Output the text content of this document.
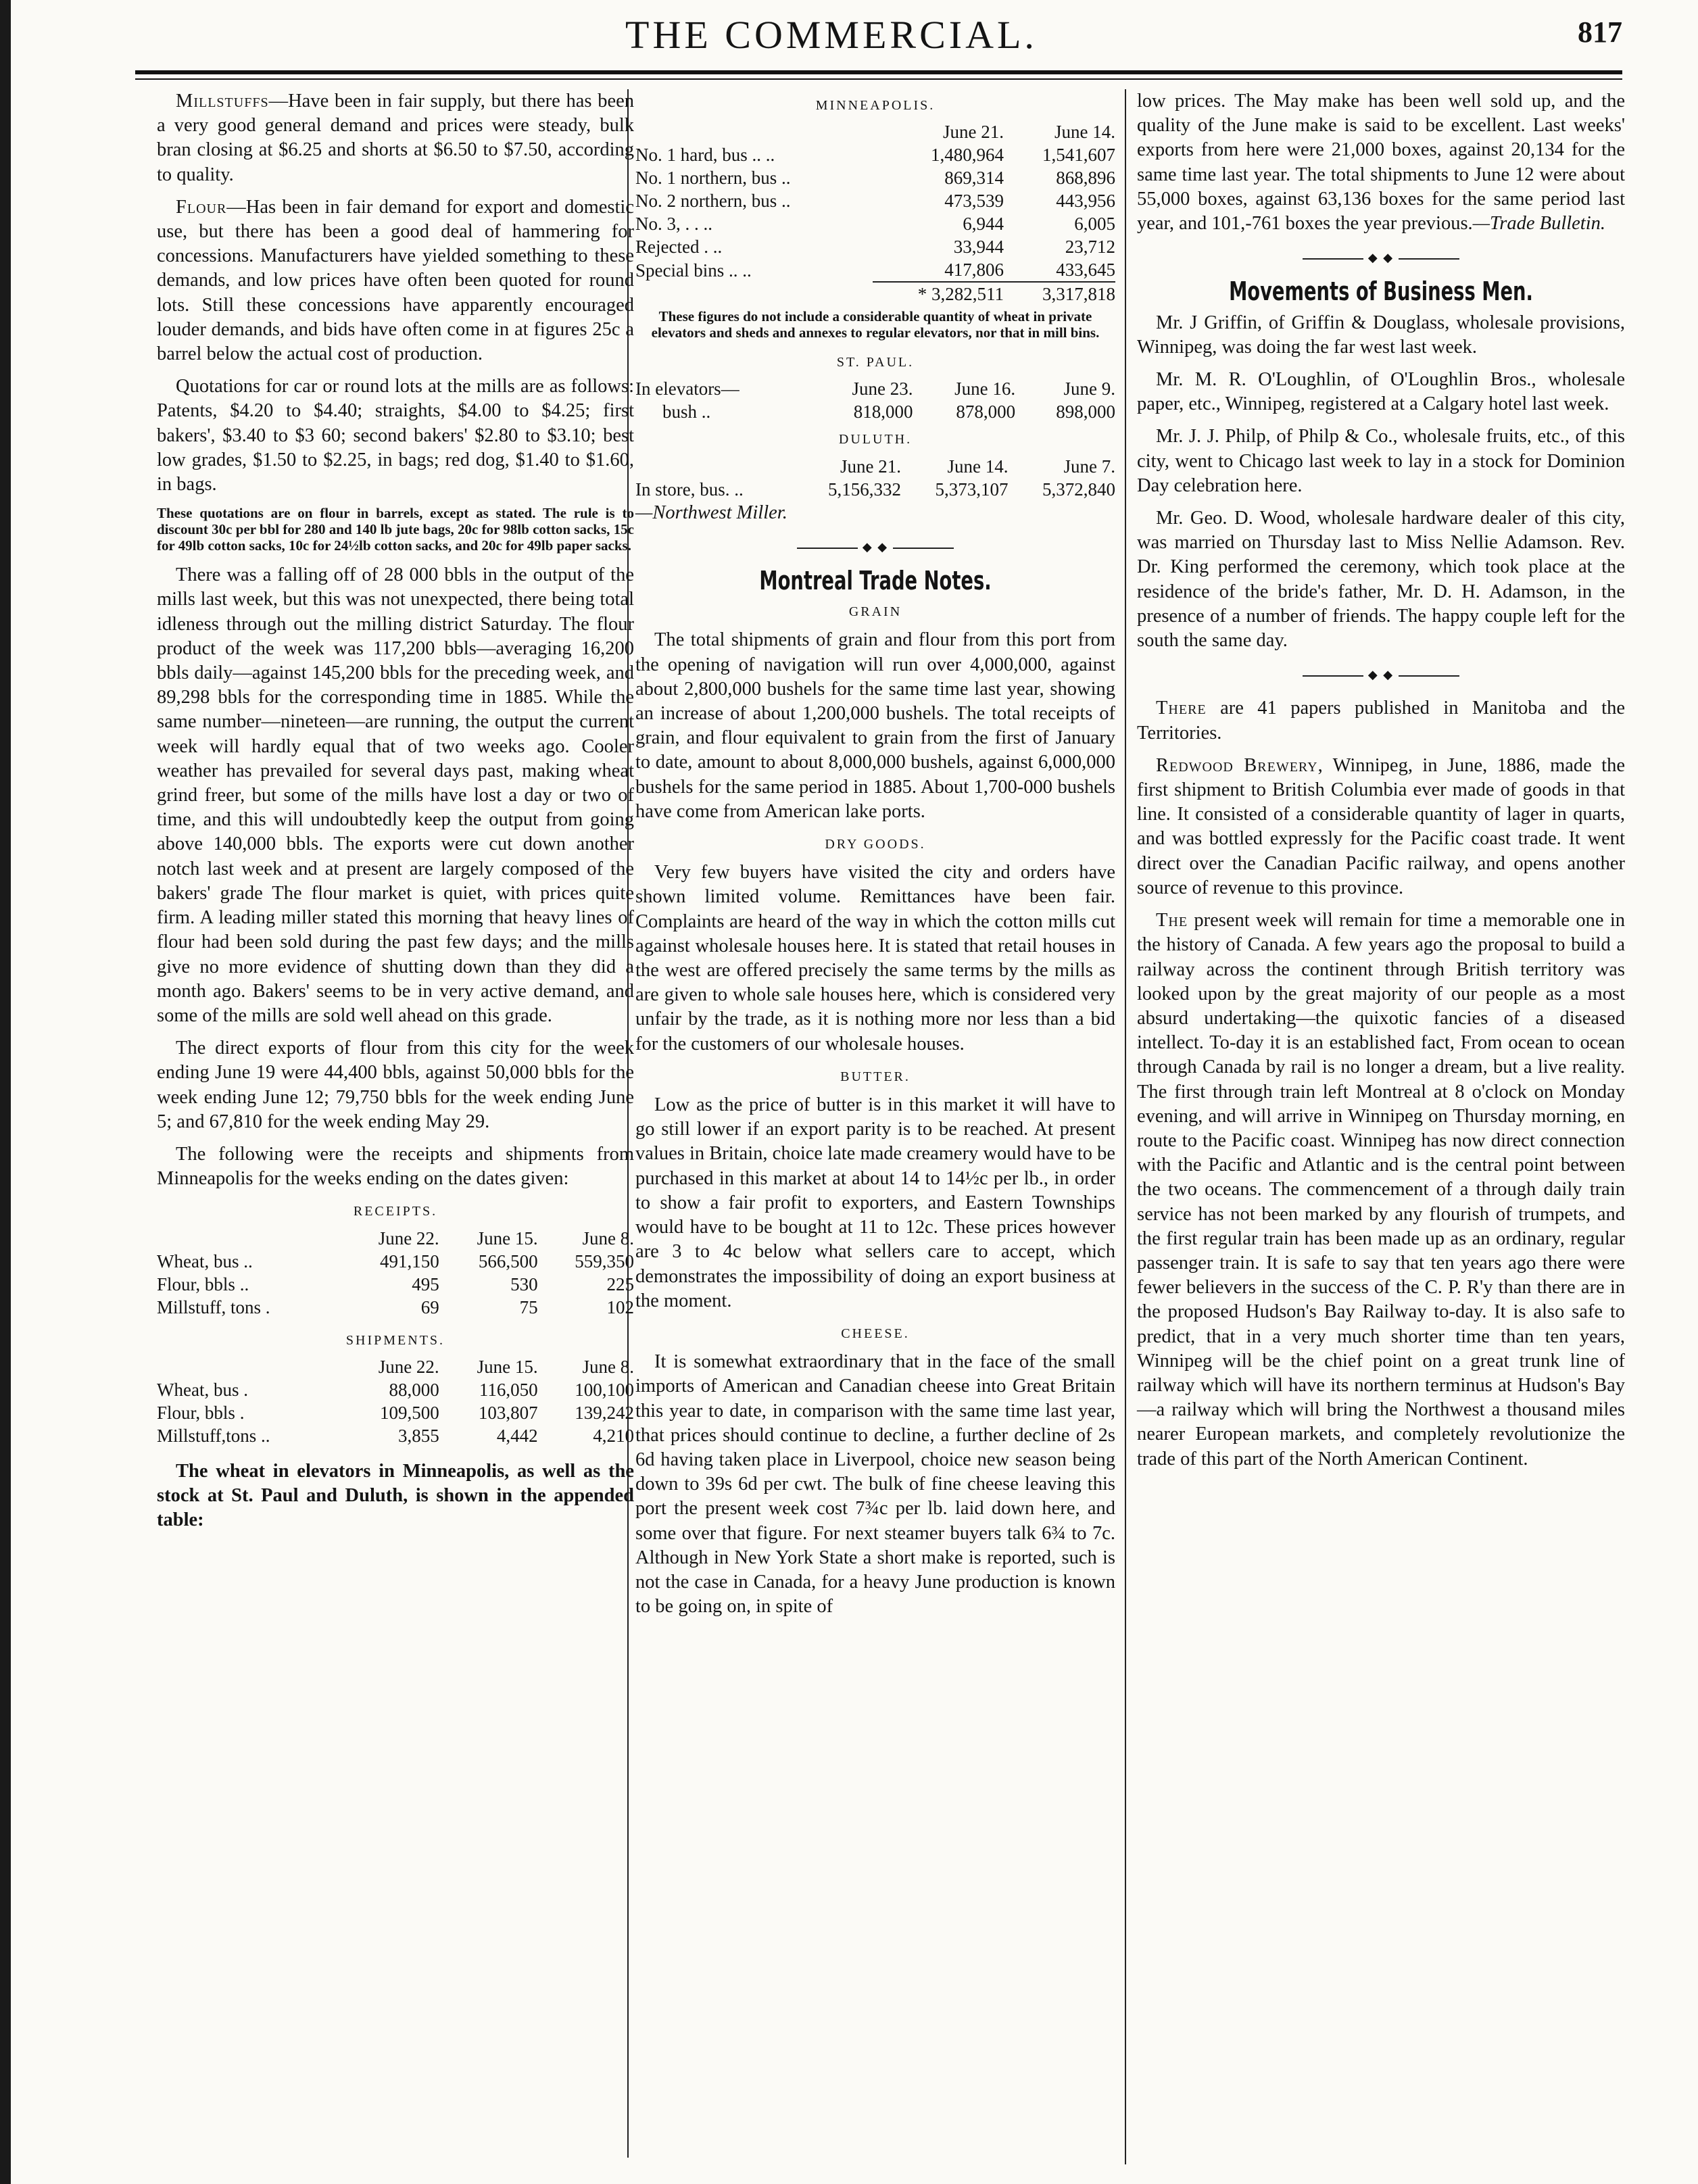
THE COMMERCIAL.	817

Millstuffs—Have been in fair supply, but there has been a very good general demand and prices were steady, bulk bran closing at $6.25 and shorts at $6.50 to $7.50, according to quality.

Flour—Has been in fair demand for export and domestic use, but there has been a good deal of hammering for concessions. Manufacturers have yielded something to these demands, and low prices have often been quoted for round lots. Still these concessions have apparently encouraged louder demands, and bids have often come in at figures 25c a barrel below the actual cost of production.

Quotations for car or round lots at the mills are as follows: Patents, $4.20 to $4.40; straights, $4.00 to $4.25; first bakers', $3.40 to $3 60; second bakers' $2.80 to $3.10; best low grades, $1.50 to $2.25, in bags; red dog, $1.40 to $1.60, in bags.

These quotations are on flour in barrels, except as stated. The rule is to discount 30c per bbl for 280 and 140 lb jute bags, 20c for 98lb cotton sacks, 15c for 49lb cotton sacks, 10c for 24½lb cotton sacks, and 20c for 49lb paper sacks.

There was a falling off of 28 000 bbls in the output of the mills last week, but this was not unexpected, there being total idleness through out the milling district Saturday. The flour product of the week was 117,200 bbls—averaging 16,200 bbls daily—against 145,200 bbls for the preceding week, and 89,298 bbls for the corresponding time in 1885. While the same number—nineteen—are running, the output the current week will hardly equal that of two weeks ago. Cooler weather has prevailed for several days past, making wheat grind freer, but some of the mills have lost a day or two of time, and this will undoubtedly keep the output from going above 140,000 bbls. The exports were cut down another notch last week and at present are largely composed of the bakers' grade The flour market is quiet, with prices quite firm. A leading miller stated this morning that heavy lines of flour had been sold during the past few days; and the mills give no more evidence of shutting down than they did a month ago. Bakers' seems to be in very active demand, and some of the mills are sold well ahead on this grade.

The direct exports of flour from this city for the week ending June 19 were 44,400 bbls, against 50,000 bbls for the week ending June 12; 79,750 bbls for the week ending June 5; and 67,810 for the week ending May 29.

The following were the receipts and shipments from Minneapolis for the weeks ending on the dates given:

RECEIPTS.
	June 22.	June 15.	June 8.
Wheat, bus ..	491,150	566,500	559,350
Flour, bbls ..	495	530	225
Millstuff, tons .	69	75	102
SHIPMENTS.
	June 22.	June 15.	June 8.
Wheat, bus .	88,000	116,050	100,100
Flour, bbls .	109,500	103,807	139,242
Millstuff,tons ..	3,855	4,442	4,210

The wheat in elevators in Minneapolis, as well as the stock at St. Paul and Duluth, is shown in the appended table:

MINNEAPOLIS.
	June 21.	June 14.
No. 1 hard, bus .. ..	1,480,964	1,541,607
No. 1 northern, bus ..	869,314	868,896
No. 2 northern, bus ..	473,539	443,956
No. 3, . . ..	6,944	6,005
Rejected . ..	33,944	23,712
Special bins .. ..	417,806	433,645
	* 3,282,511	3,317,818

These figures do not include a considerable quantity of wheat in private elevators and sheds and annexes to regular elevators, nor that in mill bins.

ST. PAUL.
In elevators—	June 23.	June 16.	June 9.
bush ..	818,000	878,000	898,000
DULUTH.
	June 21.	June 14.	June 7.
In store, bus. ..	5,156,332	5,373,107	5,372,840

—Northwest Miller.

◆ ◆
Montreal Trade Notes.
GRAIN

The total shipments of grain and flour from this port from the opening of navigation will run over 4,000,000, against about 2,800,000 bushels for the same time last year, showing an increase of about 1,200,000 bushels. The total receipts of grain, and flour equivalent to grain from the first of January to date, amount to about 8,000,000 bushels, against 6,000,000 bushels for the same period in 1885. About 1,700-000 bushels have come from American lake ports.

DRY GOODS.

Very few buyers have visited the city and orders have shown limited volume. Remittances have been fair. Complaints are heard of the way in which the cotton mills cut against wholesale houses here. It is stated that retail houses in the west are offered precisely the same terms by the mills as are given to whole sale houses here, which is considered very unfair by the trade, as it is nothing more nor less than a bid for the customers of our wholesale houses.

BUTTER.

Low as the price of butter is in this market it will have to go still lower if an export parity is to be reached. At present values in Britain, choice late made creamery would have to be purchased in this market at about 14 to 14½c per lb., in order to show a fair profit to exporters, and Eastern Townships would have to be bought at 11 to 12c. These prices however are 3 to 4c below what sellers care to accept, which demonstrates the impossibility of doing an export business at the moment.

CHEESE.

It is somewhat extraordinary that in the face of the small imports of American and Canadian cheese into Great Britain this year to date, in comparison with the same time last year, that prices should continue to decline, a further decline of 2s 6d having taken place in Liverpool, choice new season being down to 39s 6d per cwt. The bulk of fine cheese leaving this port the present week cost 7¾c per lb. laid down here, and some over that figure. For next steamer buyers talk 6¾ to 7c. Although in New York State a short make is reported, such is not the case in Canada, for a heavy June production is known to be going on, in spite of

low prices. The May make has been well sold up, and the quality of the June make is said to be excellent. Last weeks' exports from here were 21,000 boxes, against 20,134 for the same time last year. The total shipments to June 12 were about 55,000 boxes, against 63,136 boxes for the same period last year, and 101,-761 boxes the year previous.—Trade Bulletin.

◆ ◆
Movements of Business Men.

Mr. J Griffin, of Griffin & Douglass, wholesale provisions, Winnipeg, was doing the far west last week.

Mr. M. R. O'Loughlin, of O'Loughlin Bros., wholesale paper, etc., Winnipeg, registered at a Calgary hotel last week.

Mr. J. J. Philp, of Philp & Co., wholesale fruits, etc., of this city, went to Chicago last week to lay in a stock for Dominion Day celebration here.

Mr. Geo. D. Wood, wholesale hardware dealer of this city, was married on Thursday last to Miss Nellie Adamson. Rev. Dr. King performed the ceremony, which took place at the residence of the bride's father, Mr. D. H. Adamson, in the presence of a number of friends. The happy couple left for the south the same day.

◆ ◆

There are 41 papers published in Manitoba and the Territories.

Redwood Brewery, Winnipeg, in June, 1886, made the first shipment to British Columbia ever made of goods in that line. It consisted of a considerable quantity of lager in quarts, and was bottled expressly for the Pacific coast trade. It went direct over the Canadian Pacific railway, and opens another source of revenue to this province.

The present week will remain for time a memorable one in the history of Canada. A few years ago the proposal to build a railway across the continent through British territory was looked upon by the great majority of our people as a most absurd undertaking—the quixotic fancies of a diseased intellect. To-day it is an established fact, From ocean to ocean through Canada by rail is no longer a dream, but a live reality. The first through train left Montreal at 8 o'clock on Monday evening, and will arrive in Winnipeg on Thursday morning, en route to the Pacific coast. Winnipeg has now direct connection with the Pacific and Atlantic and is the central point between the two oceans. The commencement of a through daily train service has not been marked by any flourish of trumpets, and the first regular train has been made up as an ordinary, regular passenger train. It is safe to say that ten years ago there were fewer believers in the success of the C. P. R'y than there are in the proposed Hudson's Bay Railway to-day. It is also safe to predict, that in a very much shorter time than ten years, Winnipeg will be the chief point on a great trunk line of railway which will have its northern terminus at Hudson's Bay—a railway which will bring the Northwest a thousand miles nearer European markets, and completely revolutionize the trade of this part of the North American Continent.
